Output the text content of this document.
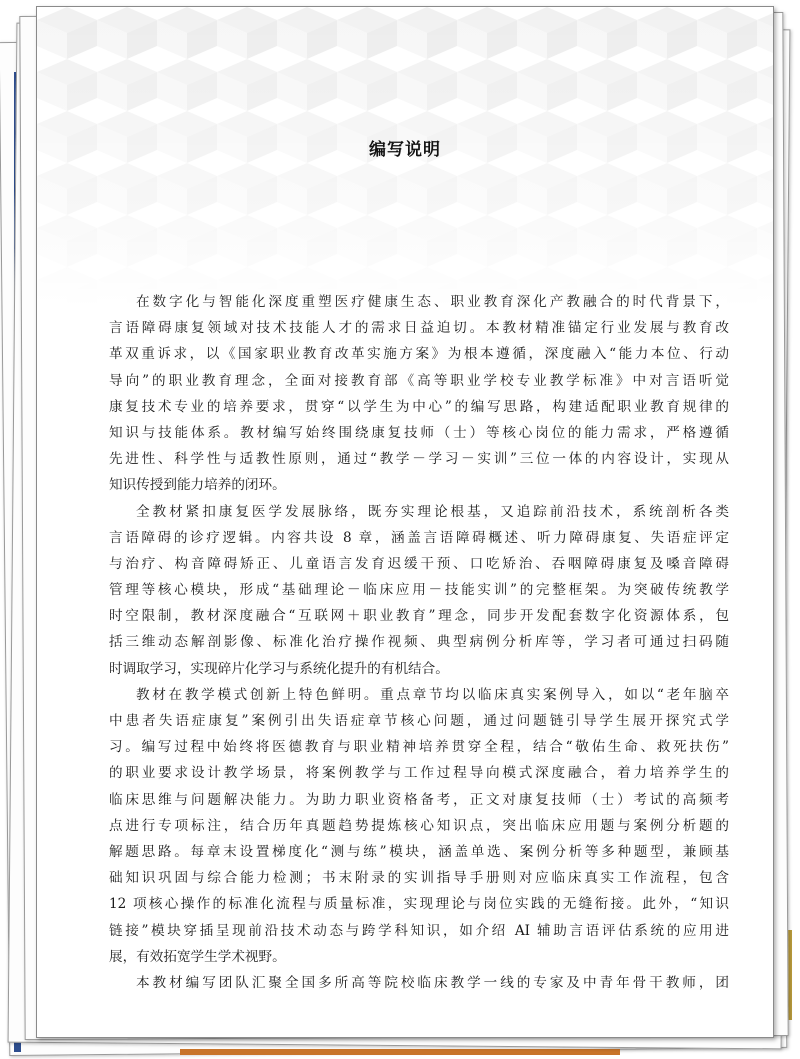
编写说明

在数字化与智能化深度重塑医疗健康生态、职业教育深化产教融合的时代背景下，
言语障碍康复领域对技术技能人才的需求日益迫切。本教材精准锚定行业发展与教育改
革双重诉求，以《国家职业教育改革实施方案》为根本遵循，深度融入“能力本位、行动
导向”的职业教育理念，全面对接教育部《高等职业学校专业教学标准》中对言语听觉
康复技术专业的培养要求，贯穿“以学生为中心”的编写思路，构建适配职业教育规律的
知识与技能体系。教材编写始终围绕康复技师（士）等核心岗位的能力需求，严格遵循
先进性、科学性与适教性原则，通过“教学－学习－实训”三位一体的内容设计，实现从
知识传授到能力培养的闭环。

全教材紧扣康复医学发展脉络，既夯实理论根基，又追踪前沿技术，系统剖析各类
言语障碍的诊疗逻辑。内容共设 8 章，涵盖言语障碍概述、听力障碍康复、失语症评定
与治疗、构音障碍矫正、儿童语言发育迟缓干预、口吃矫治、吞咽障碍康复及嗓音障碍
管理等核心模块，形成“基础理论－临床应用－技能实训”的完整框架。为突破传统教学
时空限制，教材深度融合“互联网＋职业教育”理念，同步开发配套数字化资源体系，包
括三维动态解剖影像、标准化治疗操作视频、典型病例分析库等，学习者可通过扫码随
时调取学习，实现碎片化学习与系统化提升的有机结合。

教材在教学模式创新上特色鲜明。重点章节均以临床真实案例导入，如以“老年脑卒
中患者失语症康复”案例引出失语症章节核心问题，通过问题链引导学生展开探究式学
习。编写过程中始终将医德教育与职业精神培养贯穿全程，结合“敬佑生命、救死扶伤”
的职业要求设计教学场景，将案例教学与工作过程导向模式深度融合，着力培养学生的
临床思维与问题解决能力。为助力职业资格备考，正文对康复技师（士）考试的高频考
点进行专项标注，结合历年真题趋势提炼核心知识点，突出临床应用题与案例分析题的
解题思路。每章末设置梯度化“测与练”模块，涵盖单选、案例分析等多种题型，兼顾基
础知识巩固与综合能力检测；书末附录的实训指导手册则对应临床真实工作流程，包含
12 项核心操作的标准化流程与质量标准，实现理论与岗位实践的无缝衔接。此外，“知识
链接”模块穿插呈现前沿技术动态与跨学科知识，如介绍 AI 辅助言语评估系统的应用进
展，有效拓宽学生学术视野。

本教材编写团队汇聚全国多所高等院校临床教学一线的专家及中青年骨干教师，团
